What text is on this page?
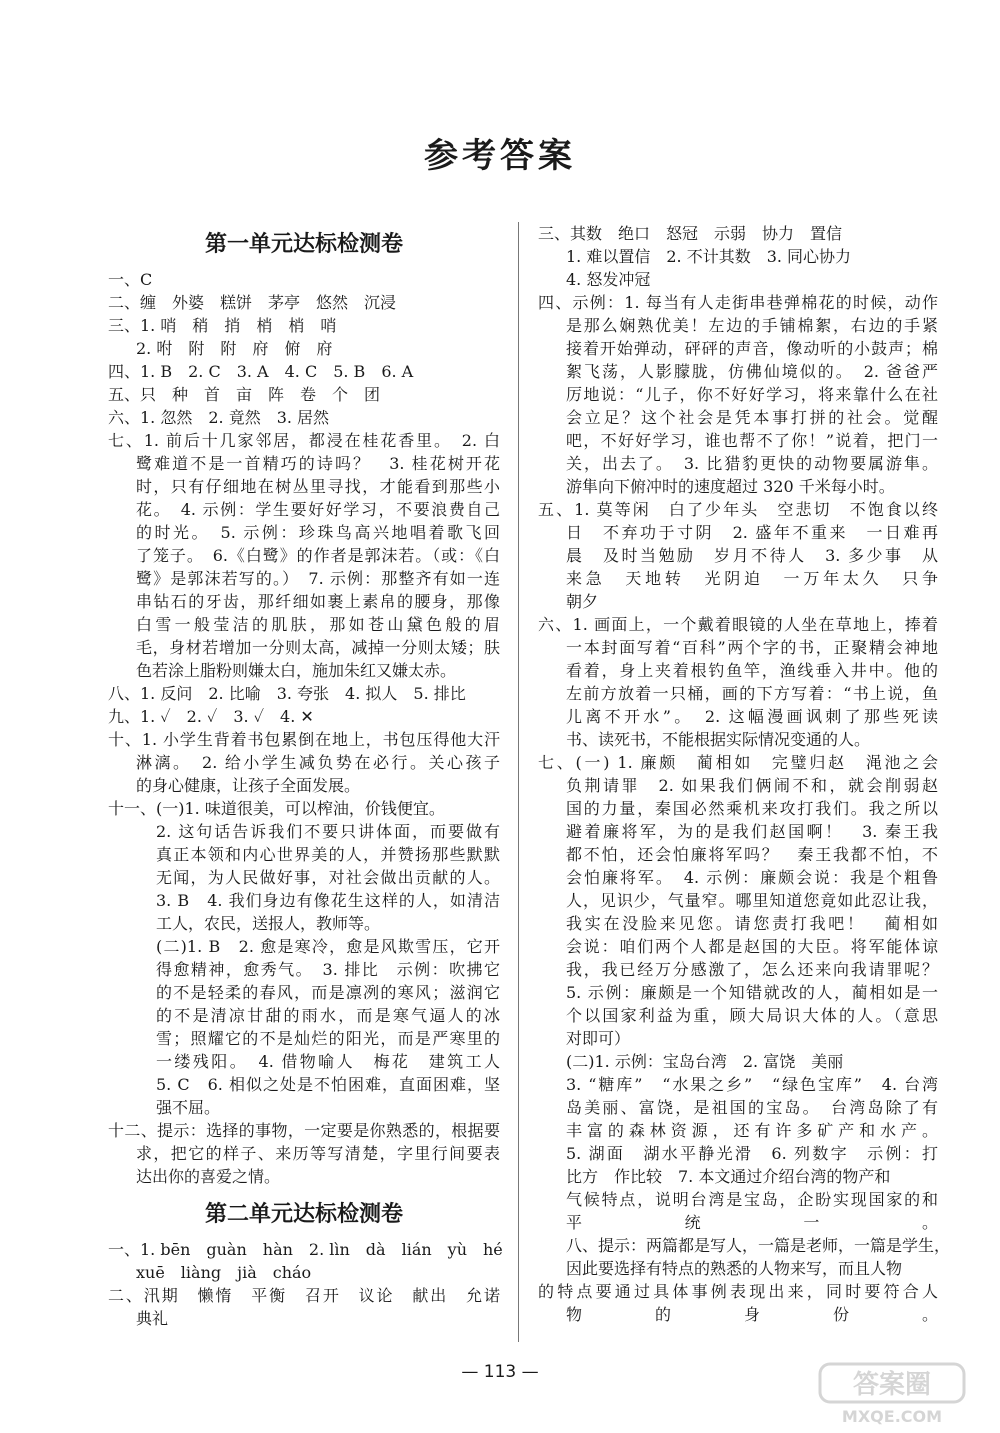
参考答案
第一单元达标检测卷
一、C
二、缠　外婆　糕饼　茅亭　悠然　沉浸
三、1. 哨　稍　捎　梢　梢　哨
2. 咐　附　附　府　俯　府
四、1. B　2. C　3. A　4. C　5. B　6. A
五、只　种　首　亩　阵　卷　个　团
六、1. 忽然　2. 竟然　3. 居然
七、1. 前后十几家邻居，都浸在桂花香里。　2. 白
鹭难道不是一首精巧的诗吗？　3. 桂花树开花
时，只有仔细地在树丛里寻找，才能看到那些小
花。　4. 示例：学生要好好学习，不要浪费自己
的时光。　5. 示例：珍珠鸟高兴地唱着歌飞回
了笼子。　6.《白鹭》的作者是郭沫若。（或：《白
鹭》是郭沫若写的。）　7. 示例：那整齐有如一连
串钻石的牙齿，那纤细如裹上素帛的腰身，那像
白雪一般莹洁的肌肤，那如苍山黛色般的眉
毛，身材若增加一分则太高，减掉一分则太矮；肤
色若涂上脂粉则嫌太白，施加朱红又嫌太赤。
八、1. 反问　2. 比喻　3. 夸张　4. 拟人　5. 排比
九、1. ✓　2. ✓　3. ✓　4. ✕
十、1. 小学生背着书包累倒在地上，书包压得他大汗
淋漓。　2. 给小学生减负势在必行。关心孩子
的身心健康，让孩子全面发展。
十一、(一)1. 味道很美，可以榨油，价钱便宜。
2. 这句话告诉我们不要只讲体面，而要做有
真正本领和内心世界美的人，并赞扬那些默默
无闻，为人民做好事，对社会做出贡献的人。
3. B　4. 我们身边有像花生这样的人，如清洁
工人，农民，送报人，教师等。
(二)1. B　2. 愈是寒冷，愈是风欺雪压，它开
得愈精神，愈秀气。　3. 排比　示例：吹拂它
的不是轻柔的春风，而是凛冽的寒风；滋润它
的不是清凉甘甜的雨水，而是寒气逼人的冰
雪；照耀它的不是灿烂的阳光，而是严寒里的
一缕残阳。　4. 借物喻人　梅花　建筑工人
5. C　6. 相似之处是不怕困难，直面困难，坚
强不屈。
十二、提示：选择的事物，一定要是你熟悉的，根据要
求，把它的样子、来历等写清楚，字里行间要表
达出你的喜爱之情。
第二单元达标检测卷
一、1. bēn　guàn　hàn　2. lìn　dà　lián　yù　hé
xuē　liàng　jià　cháo
二、汛期　懒惰　平衡　召开　议论　献出　允诺
典礼
三、其数　绝口　怒冠　示弱　协力　置信
1. 难以置信　2. 不计其数　3. 同心协力
4. 怒发冲冠
四、示例：1. 每当有人走街串巷弹棉花的时候，动作
是那么娴熟优美！左边的手铺棉絮，右边的手紧
接着开始弹动，砰砰的声音，像动听的小鼓声；棉
絮飞荡，人影朦胧，仿佛仙境似的。　2. 爸爸严
厉地说：“儿子，你不好好学习，将来靠什么在社
会立足？这个社会是凭本事打拼的社会。觉醒
吧，不好好学习，谁也帮不了你！”说着，把门一
关，出去了。　3. 比猎豹更快的动物要属游隼。
游隼向下俯冲时的速度超过 320 千米每小时。
五、1. 莫等闲　白了少年头　空悲切　不饱食以终
日　不弃功于寸阴　2. 盛年不重来　一日难再
晨　及时当勉励　岁月不待人　3. 多少事　从
来急　天地转　光阴迫　一万年太久　只争
朝夕
六、1. 画面上，一个戴着眼镜的人坐在草地上，捧着
一本封面写着“百科”两个字的书，正聚精会神地
看着，身上夹着根钓鱼竿，渔线垂入井中。他的
左前方放着一只桶，画的下方写着：“书上说，鱼
儿离不开水”。　2. 这幅漫画讽刺了那些死读
书、读死书，不能根据实际情况变通的人。
七、(一) 1. 廉颇　蔺相如　完璧归赵　渑池之会
负荆请罪　2. 如果我们俩闹不和，就会削弱赵
国的力量，秦国必然乘机来攻打我们。我之所以
避着廉将军，为的是我们赵国啊！　3. 秦王我
都不怕，还会怕廉将军吗？　秦王我都不怕，不
会怕廉将军。　4. 示例：廉颇会说：我是个粗鲁
人，见识少，气量窄。哪里知道您竟如此忍让我，
我实在没脸来见您。请您责打我吧！　蔺相如
会说：咱们两个人都是赵国的大臣。将军能体谅
我，我已经万分感激了，怎么还来向我请罪呢？
5. 示例：廉颇是一个知错就改的人，蔺相如是一
个以国家利益为重，顾大局识大体的人。（意思
对即可）
(二)1. 示例：宝岛台湾　2. 富饶　美丽
3. “糖库”　“水果之乡”　“绿色宝库”　4. 台湾
岛美丽、富饶，是祖国的宝岛。　台湾岛除了有
丰富的森林资源，还有许多矿产和水产。
5. 湖面　湖水平静光滑　6. 列数字　示例：打
比方　作比较　7. 本文通过介绍台湾的物产和
气候特点，说明台湾是宝岛，企盼实现国家的和
平统一。
八、提示：两篇都是写人，一篇是老师，一篇是学生，
因此要选择有特点的熟悉的人物来写，而且人物
的特点要通过具体事例表现出来，同时要符合人
物的身份。
— 113 —	答案圈
MXQE.COM
